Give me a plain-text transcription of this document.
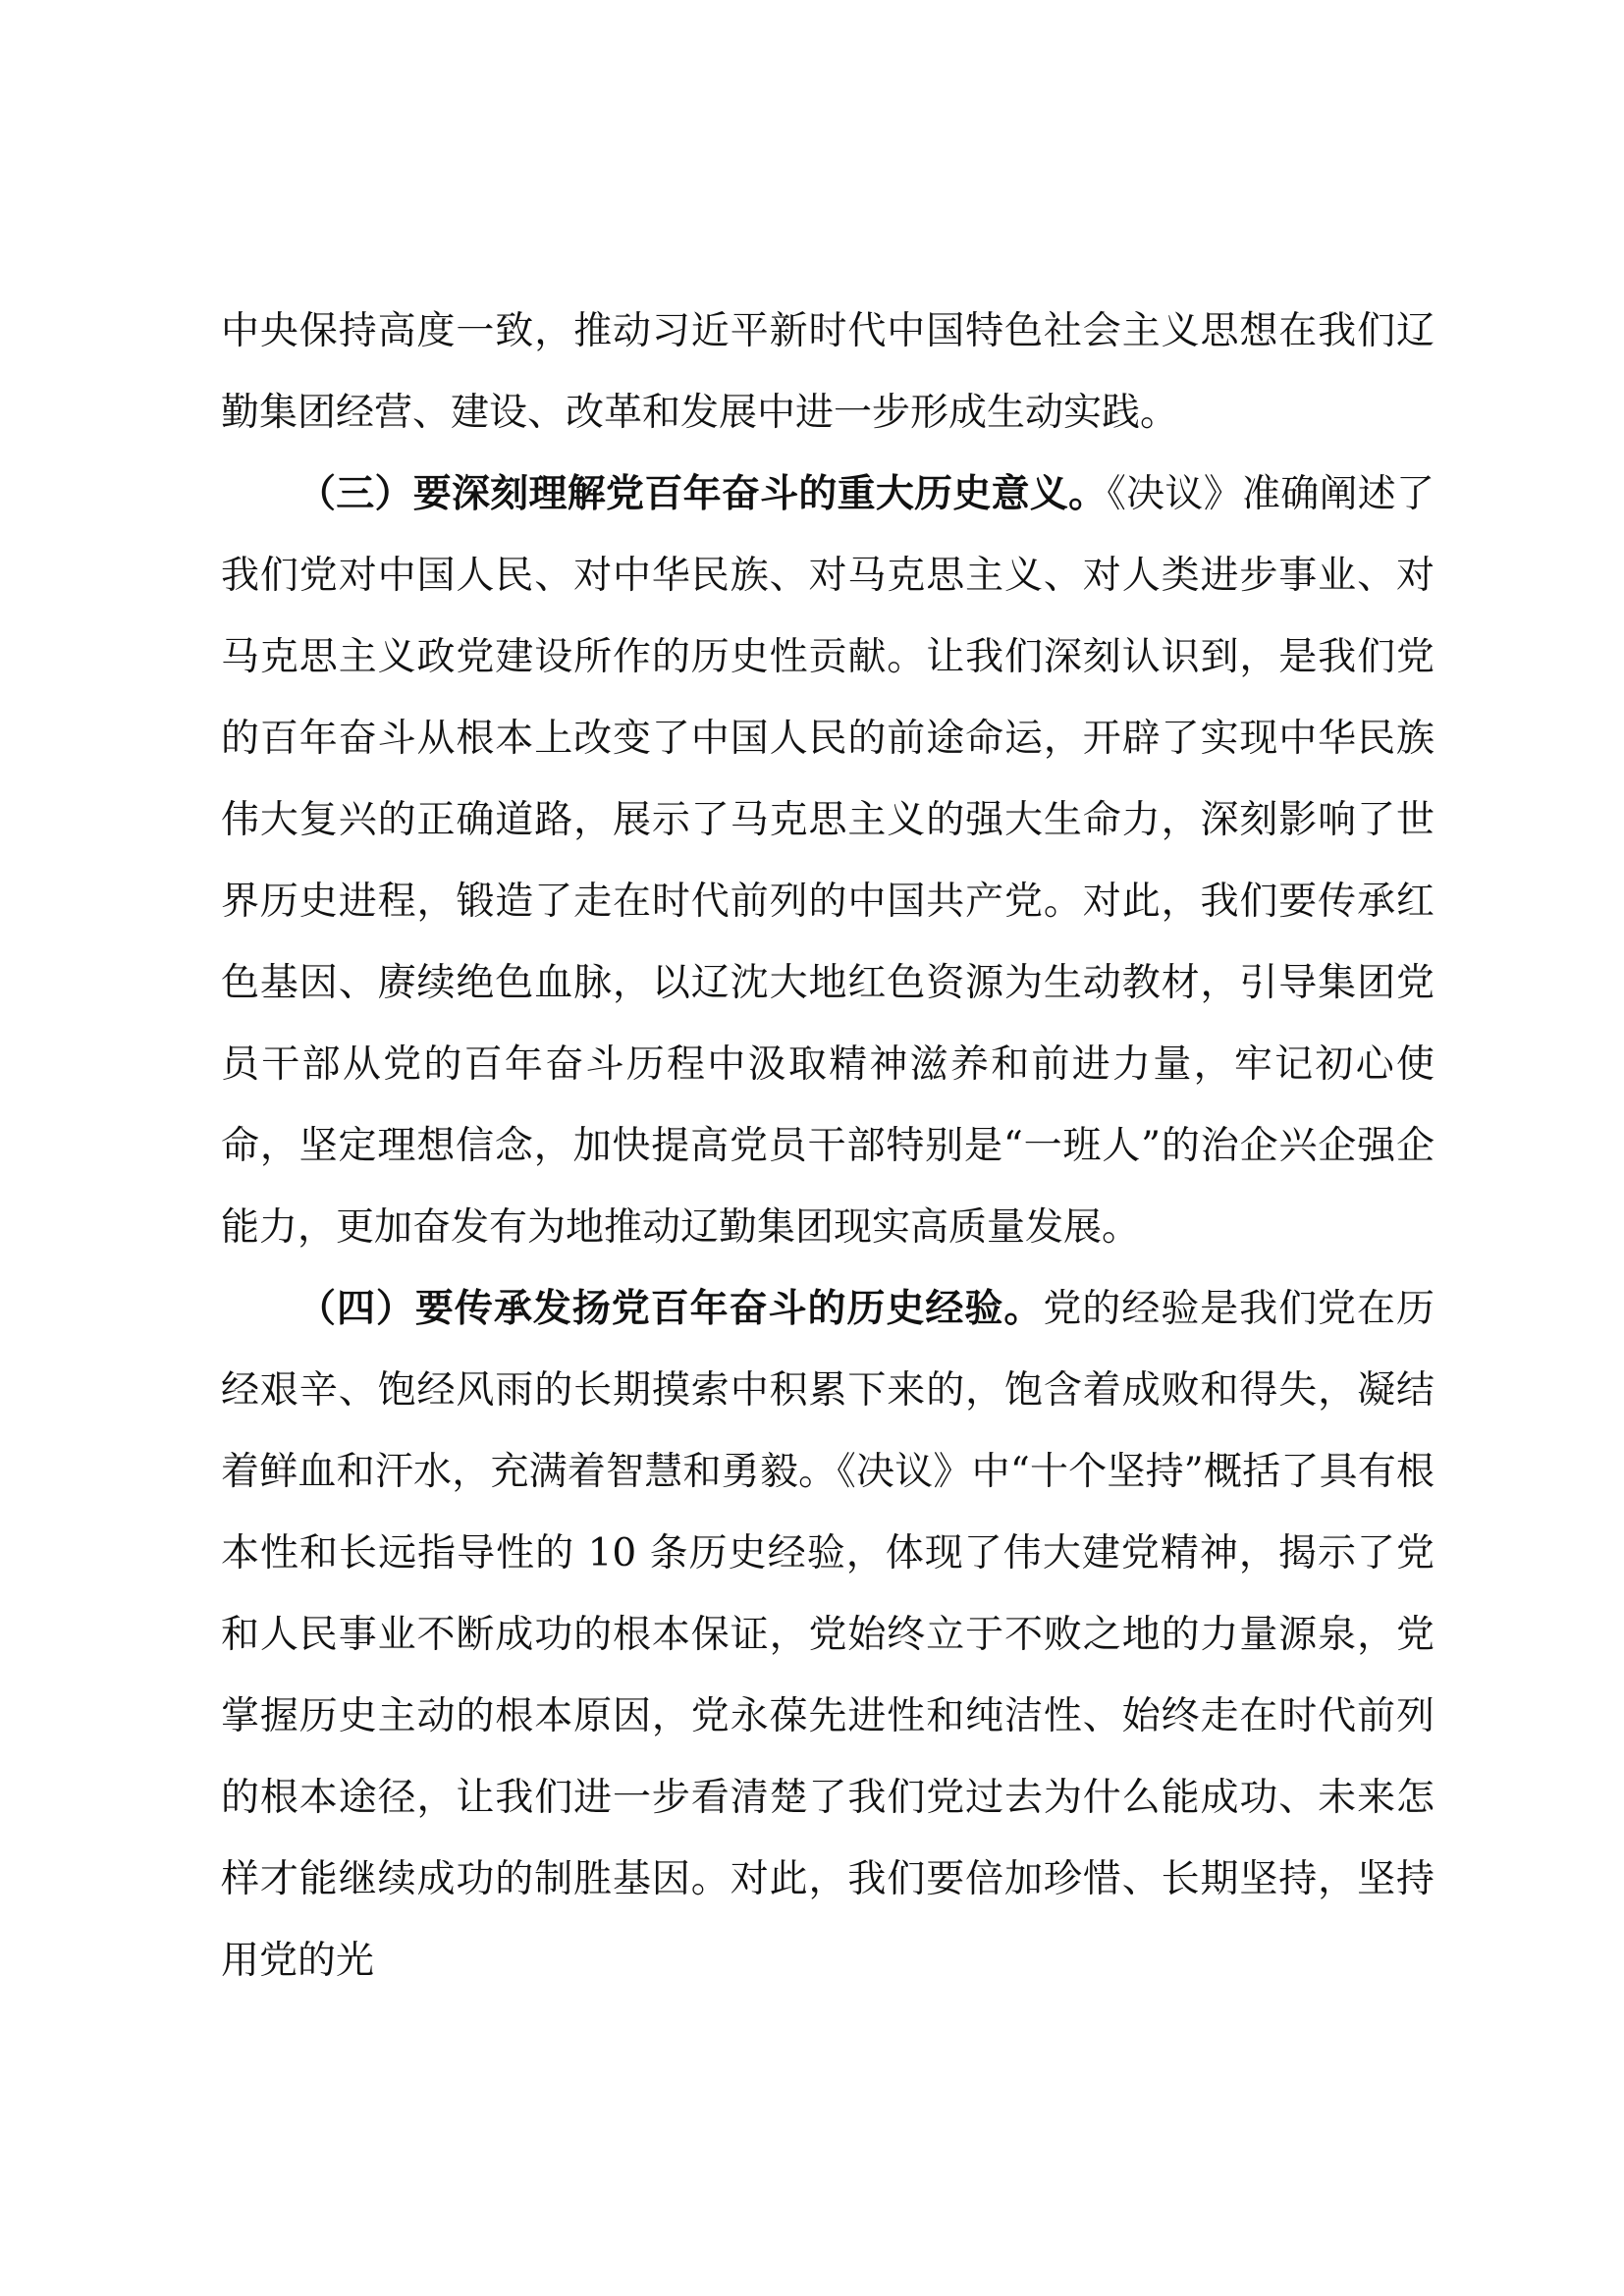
中央保持高度一致，推动习近平新时代中国特色社会主义思想在我们辽勤集团经营、建设、改革和发展中进一步形成生动实践。

（三）要深刻理解党百年奋斗的重大历史意义。《决议》准确阐述了我们党对中国人民、对中华民族、对马克思主义、对人类进步事业、对马克思主义政党建设所作的历史性贡献。让我们深刻认识到，是我们党的百年奋斗从根本上改变了中国人民的前途命运，开辟了实现中华民族伟大复兴的正确道路，展示了马克思主义的强大生命力，深刻影响了世界历史进程，锻造了走在时代前列的中国共产党。对此，我们要传承红色基因、赓续绝色血脉，以辽沈大地红色资源为生动教材，引导集团党员干部从党的百年奋斗历程中汲取精神滋养和前进力量，牢记初心使命，坚定理想信念，加快提高党员干部特别是“一班人”的治企兴企强企能力，更加奋发有为地推动辽勤集团现实高质量发展。

（四）要传承发扬党百年奋斗的历史经验。党的经验是我们党在历经艰辛、饱经风雨的长期摸索中积累下来的，饱含着成败和得失，凝结着鲜血和汗水，充满着智慧和勇毅。《决议》中“十个坚持”概括了具有根本性和长远指导性的 10 条历史经验，体现了伟大建党精神，揭示了党和人民事业不断成功的根本保证，党始终立于不败之地的力量源泉，党掌握历史主动的根本原因，党永葆先进性和纯洁性、始终走在时代前列的根本途径，让我们进一步看清楚了我们党过去为什么能成功、未来怎样才能继续成功的制胜基因。对此，我们要倍加珍惜、长期坚持，坚持用党的光
